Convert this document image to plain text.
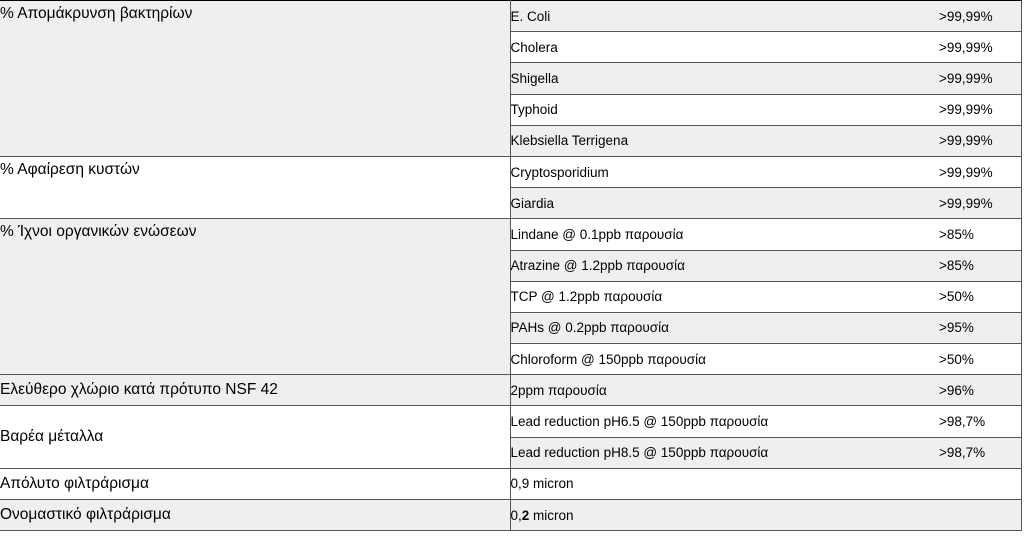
% Απομάκρυνση βακτηρίων	E. Coli	>99,99%
	Cholera	>99,99%
	Shigella	>99,99%
	Typhoid	>99,99%
	Klebsiella Terrigena	>99,99%
% Αφαίρεση κυστών	Cryptosporidium	>99,99%
	Giardia	>99,99%
% Ίχνοι οργανικών ενώσεων	Lindane @ 0.1ppb παρουσία	>85%
	Atrazine @ 1.2ppb παρουσία	>85%
	TCP @ 1.2ppb παρουσία	>50%
	PAHs @ 0.2ppb παρουσία	>95%
	Chloroform @ 150ppb παρουσία	>50%
Ελεύθερο χλώριο κατά πρότυπο NSF 42	2ppm παρουσία	>96%
Βαρέα μέταλλα	Lead reduction pH6.5 @ 150ppb παρουσία	>98,7%
	Lead reduction pH8.5 @ 150ppb παρουσία	>98,7%
Απόλυτο φιλτράρισμα	0,9 micron	
Ονομαστικό φιλτράρισμα	0,2 micron	
